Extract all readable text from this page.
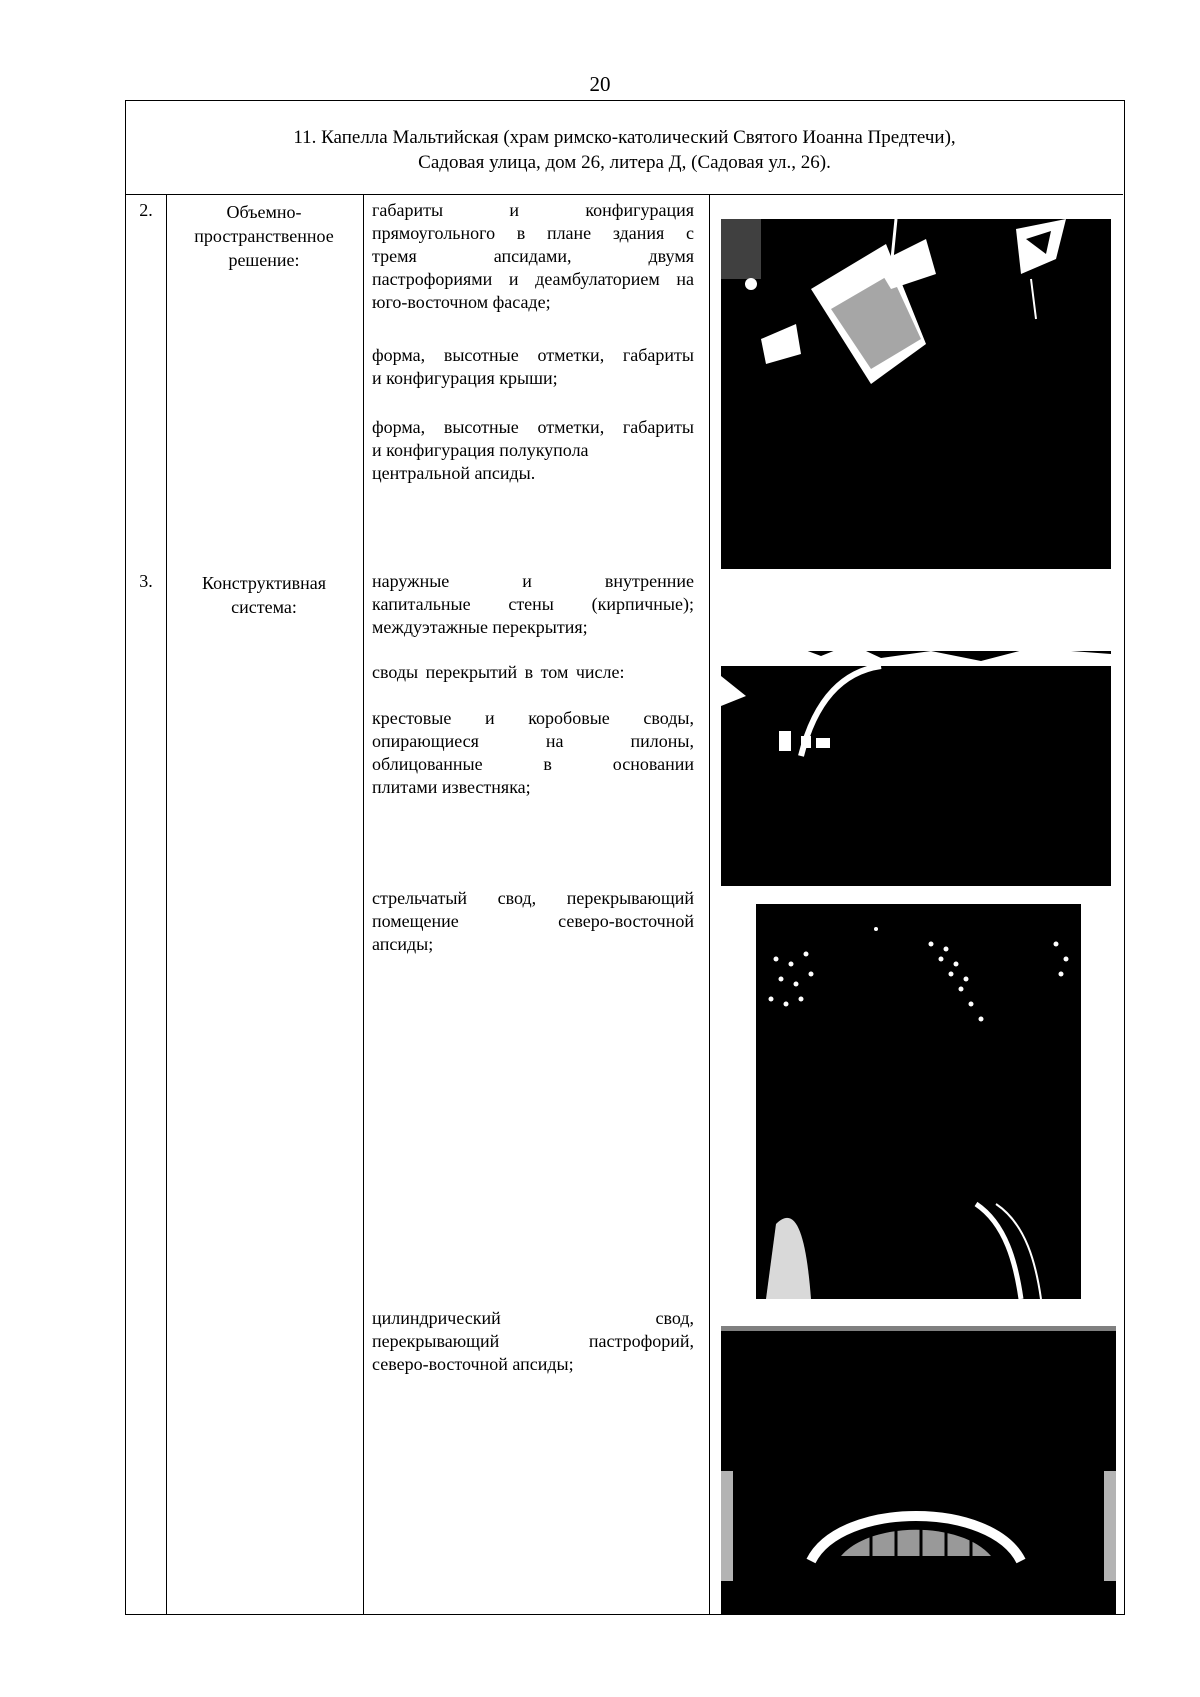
20
11. Капелла Мальтийская (храм римско-католический Святого Иоанна Предтечи),
Садовая улица, дом 26, литера Д, (Садовая ул., 26).
2.	Объемно-
пространственное
решение:
габариты и конфигурация
прямоугольного в плане здания с
тремя апсидами, двумя
пастрофориями и деамбулаторием на
юго-восточном фасаде;
форма, высотные отметки, габариты
и конфигурация крыши;
форма, высотные отметки, габариты
и конфигурация полукупола
центральной апсиды.
3.	Конструктивная
система:
наружные и внутренние
капитальные стены (кирпичные);
междуэтажные перекрытия;
своды перекрытий в том числе:
крестовые и коробовые своды,
опирающиеся на пилоны,
облицованные в основании
плитами известняка;
стрельчатый свод, перекрывающий
помещение северо-восточной
апсиды;
цилиндрический свод,
перекрывающий пастрофорий,
северо-восточной апсиды;
